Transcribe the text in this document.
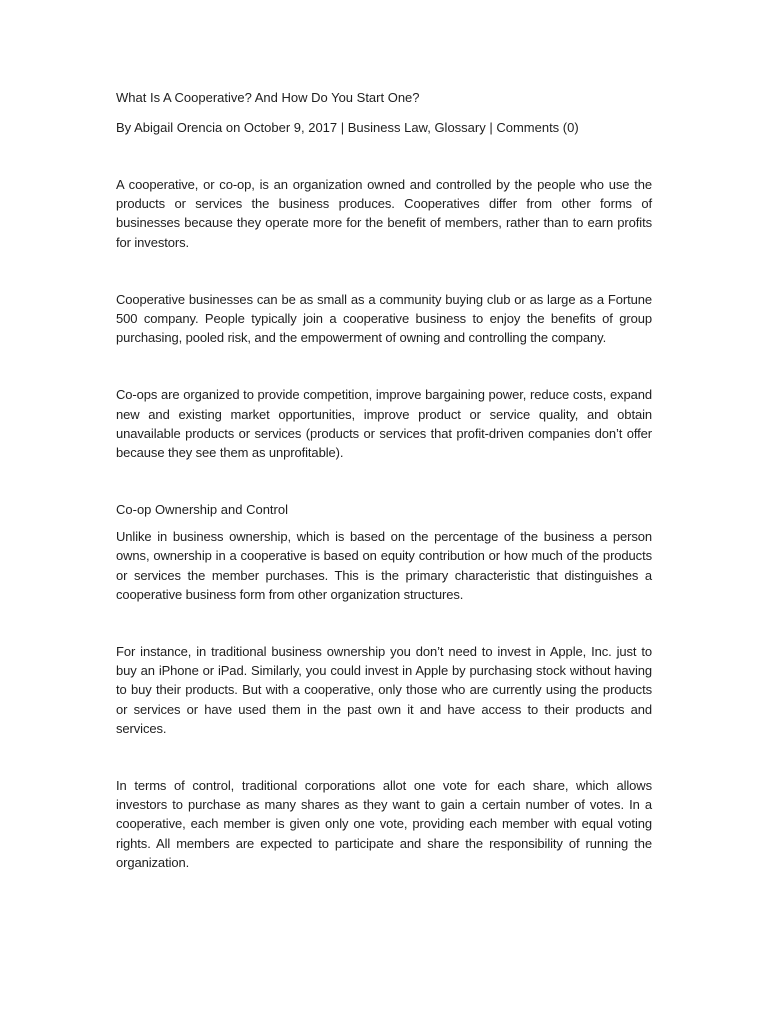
What Is A Cooperative? And How Do You Start One?
By Abigail Orencia on October 9, 2017 | Business Law, Glossary | Comments (0)

A cooperative, or co-op, is an organization owned and controlled by the people who use the products or services the business produces. Cooperatives differ from other forms of businesses because they operate more for the benefit of members, rather than to earn profits for investors.

Cooperative businesses can be as small as a community buying club or as large as a Fortune 500 company. People typically join a cooperative business to enjoy the benefits of group purchasing, pooled risk, and the empowerment of owning and controlling the company.

Co-ops are organized to provide competition, improve bargaining power, reduce costs, expand new and existing market opportunities, improve product or service quality, and obtain unavailable products or services (products or services that profit-driven companies don’t offer because they see them as unprofitable).

Co-op Ownership and Control

Unlike in business ownership, which is based on the percentage of the business a person owns, ownership in a cooperative is based on equity contribution or how much of the products or services the member purchases. This is the primary characteristic that distinguishes a cooperative business form from other organization structures.

For instance, in traditional business ownership you don’t need to invest in Apple, Inc. just to buy an iPhone or iPad. Similarly, you could invest in Apple by purchasing stock without having to buy their products. But with a cooperative, only those who are currently using the products or services or have used them in the past own it and have access to their products and services.

In terms of control, traditional corporations allot one vote for each share, which allows investors to purchase as many shares as they want to gain a certain number of votes. In a cooperative, each member is given only one vote, providing each member with equal voting rights. All members are expected to participate and share the responsibility of running the organization.
